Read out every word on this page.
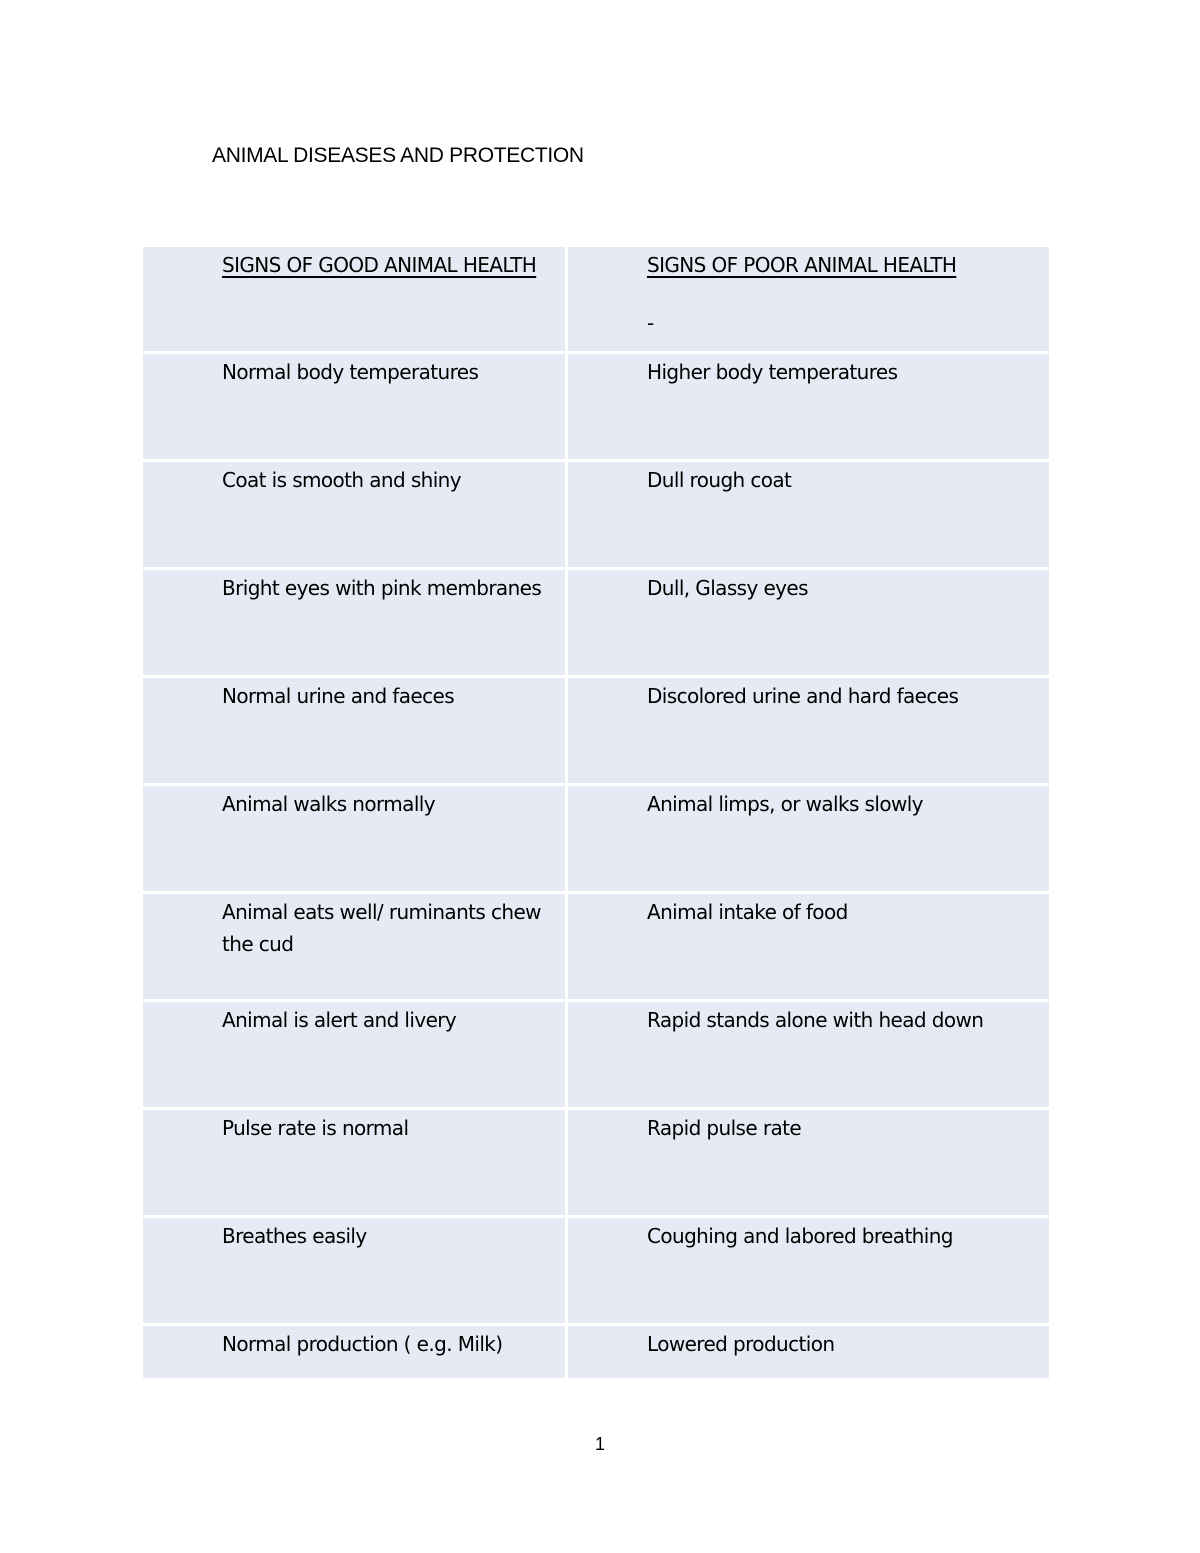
ANIMAL DISEASES AND PROTECTION
SIGNS OF GOOD ANIMAL HEALTH	SIGNS OF POOR ANIMAL HEALTH
-

Normal body temperatures	Higher body temperatures
Coat is smooth and shiny	Dull rough coat
Bright eyes with pink membranes	Dull, Glassy eyes
Normal urine and faeces	Discolored urine and hard faeces
Animal walks normally	Animal limps, or walks slowly
Animal eats well/ ruminants chew the cud	Animal intake of food
Animal is alert and livery	Rapid stands alone with head down
Pulse rate is normal	Rapid pulse rate
Breathes easily	Coughing and labored breathing
Normal production ( e.g. Milk)	Lowered production
1
